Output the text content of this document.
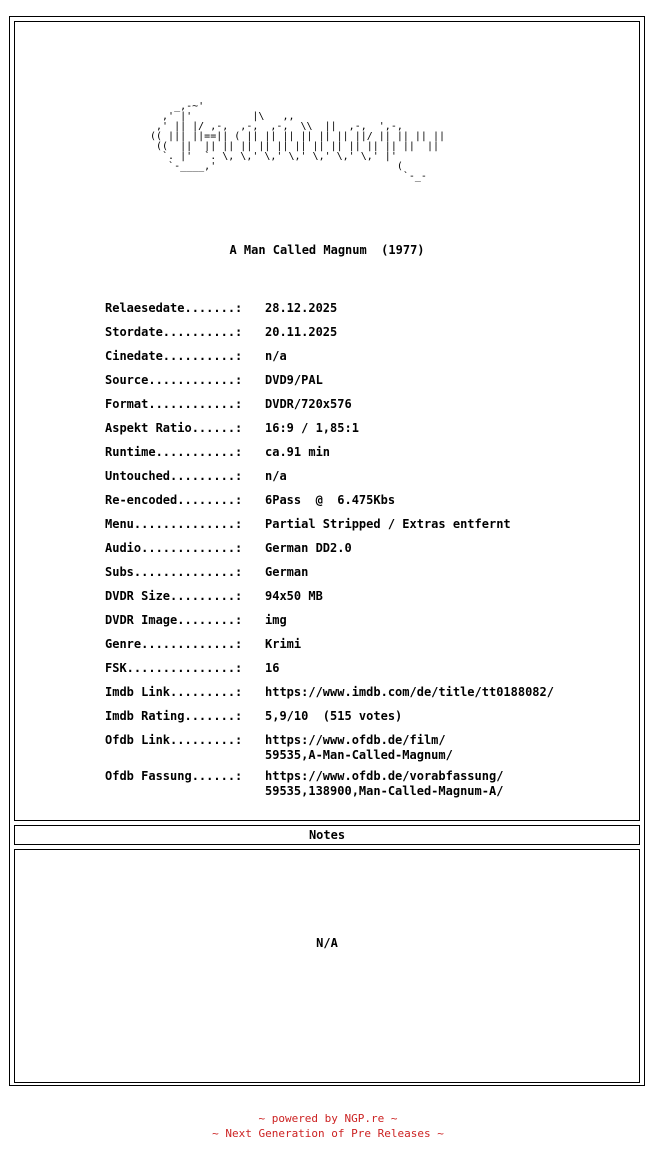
_,-~'
,' |'          |\   ,,
,' || |/ ,-,  ,-,  ,-,  \\  ||  ,-,  ',-,
(( ||| ||==|| ( || || || || || || ||/ || || || ||
((  ||  || || || || || || || || || || || ||  ||
`. |'  `. \, \,' \,' \,' \,' \,' \,' |'
`-____,'                              (
`-_-
A Man Called Magnum  (1977)
Relaesedate.......:	28.12.2025
Stordate..........:	20.11.2025
Cinedate..........:	n/a
Source............:	DVD9/PAL
Format............:	DVDR/720x576
Aspekt Ratio......:	16:9 / 1,85:1
Runtime...........:	ca.91 min
Untouched.........:	n/a
Re-encoded........:	6Pass  @  6.475Kbs
Menu..............:	Partial Stripped / Extras entfernt
Audio.............:	German DD2.0
Subs..............:	German
DVDR Size.........:	94x50 MB
DVDR Image........:	img
Genre.............:	Krimi
FSK...............:	16
Imdb Link.........:	https://www.imdb.com/de/title/tt0188082/
Imdb Rating.......:	5,9/10  (515 votes)
Ofdb Link.........:	https://www.ofdb.de/film/
59535,A-Man-Called-Magnum/
Ofdb Fassung......:	https://www.ofdb.de/vorabfassung/
59535,138900,Man-Called-Magnum-A/
Notes
N/A
~ powered by NGP.re ~
~ Next Generation of Pre Releases ~
